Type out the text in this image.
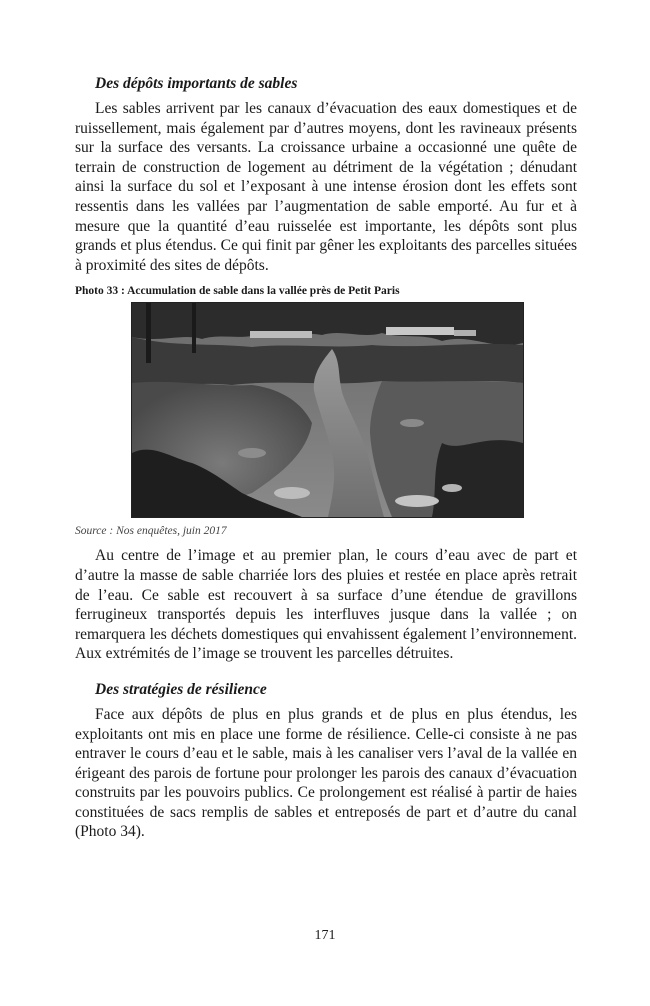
Des dépôts importants de sables

Les sables arrivent par les canaux d’évacuation des eaux domestiques et de ruissellement, mais également par d’autres moyens, dont les ravineaux présents sur la surface des versants. La croissance urbaine a occasionné une quête de terrain de construction de logement au détriment de la végétation ; dénudant ainsi la surface du sol et l’exposant à une intense érosion dont les effets sont ressentis dans les vallées par l’augmentation de sable emporté. Au fur et à mesure que la quantité d’eau ruisselée est importante, les dépôts sont plus grands et plus étendus. Ce qui finit par gêner les exploitants des parcelles situées à proximité des sites de dépôts.

Photo 33 : Accumulation de sable dans la vallée près de Petit Paris
Source : Nos enquêtes, juin 2017

Au centre de l’image et au premier plan, le cours d’eau avec de part et d’autre la masse de sable charriée lors des pluies et restée en place après retrait de l’eau. Ce sable est recouvert à sa surface d’une étendue de gravillons ferrugineux transportés depuis les interfluves jusque dans la vallée ; on remarquera les déchets domestiques qui envahissent également l’environnement. Aux extrémités de l’image se trouvent les parcelles détruites.

Des stratégies de résilience

Face aux dépôts de plus en plus grands et de plus en plus étendus, les exploitants ont mis en place une forme de résilience. Celle-ci consiste à ne pas entraver le cours d’eau et le sable, mais à les canaliser vers l’aval de la vallée en érigeant des parois de fortune pour prolonger les parois des canaux d’évacuation construits par les pouvoirs publics. Ce prolongement est réalisé à partir de haies constituées de sacs remplis de sables et entreposés de part et d’autre du canal (Photo 34).

171
